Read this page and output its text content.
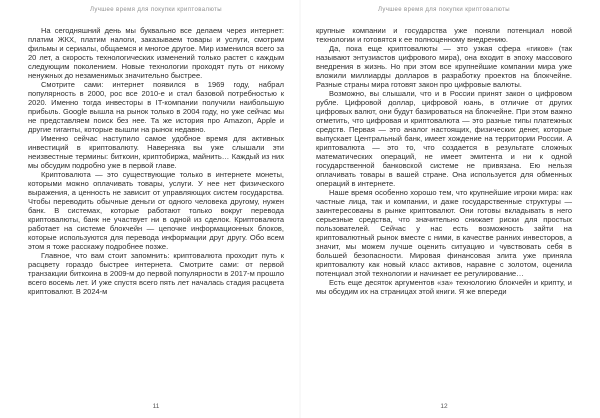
Лучшее время для покупки криптовалюты

На сегодняшний день мы буквально все делаем через интернет: платим ЖКХ, платим налоги, заказываем товары и услуги, смотрим фильмы и сериалы, общаемся и многое другое. Мир изменился всего за 20 лет, а скорость технологических изменений только растет с каждым следующим поколением. Новые технологии проходят путь от никому ненужных до незаменимых значительно быстрее.

Смотрите сами: интернет появился в 1969 году, набрал популярность в 2000, рос все 2010-е и стал базовой потребностью к 2020. Именно тогда инвесторы в IT-компании получили наибольшую прибыль. Google вышла на рынок только в 2004 году, но уже сейчас мы не представляем поиск без нее. Та же история про Amazon, Apple и другие гиганты, которые вышли на рынок недавно.

Именно сейчас наступило самое удобное время для активных инвестиций в криптовалюту. Наверняка вы уже слышали эти неизвестные термины: биткоин, криптобиржа, майнить… Каждый из них мы обсудим подробно уже в первой главе.

Криптовалюта — это существующие только в интернете монеты, которыми можно оплачивать товары, услуги. У нее нет физического выражения, а ценность не зависит от управляющих систем государства. Чтобы переводить обычные деньги от одного человека другому, нужен банк. В системах, которые работают только вокруг перевода криптовалюты, банк не участвует ни в одной из сделок. Криптовалюта работает на системе блокчейн — цепочке информационных блоков, которые используются для перевода информации друг другу. Обо всем этом я тоже расскажу подробнее позже.

Главное, что вам стоит запомнить: криптовалюта проходит путь к расцвету гораздо быстрее интернета. Смотрите сами: от первой транзакции биткоина в 2009-м до первой популярности в 2017-м прошло всего восемь лет. И уже спустя всего пять лет началась стадия расцвета криптовалют. В 2024-м

11
Лучшее время для покупки криптовалюты

крупные компании и государства уже поняли потенциал новой технологии и готовятся к ее полноценному внедрению.

Да, пока еще криптовалюты — это узкая сфера «гиков» (так называют энтузиастов цифрового мира), она входит в эпоху массового внедрения в жизнь. Но при этом все крупнейшие компании мира уже вложили миллиарды долларов в разработку проектов на блокчейне. Разные страны мира готовят закон про цифровые валюты.

Возможно, вы слышали, что и в России принят закон о цифровом рубле. Цифровой доллар, цифровой юань, в отличие от других цифровых валют, они будут базироваться на блокчейне. При этом важно отметить, что цифровая и криптовалюта — это разные типы платежных средств. Первая — это аналог настоящих, физических денег, которые выпускает Центральный банк, имеет хождение на территории России. А криптовалюта — это то, что создается в результате сложных математических операций, не имеет эмитента и ни к одной государственной банковской системе не привязана. Ею нельзя оплачивать товары в вашей стране. Она используется для обменных операций в интернете.

Наше время особенно хорошо тем, что крупнейшие игроки мира: как частные лица, так и компании, и даже государственные структуры — заинтересованы в рынке криптовалют. Они готовы вкладывать в него серьезные средства, что значительно снижает риски для простых пользователей. Сейчас у нас есть возможность зайти на криптовалютный рынок вместе с ними, в качестве ранних инвесторов, а значит, мы можем лучше оценить ситуацию и чувствовать себя в большей безопасности. Мировая финансовая элита уже приняла криптовалюту как новый класс активов, наравне с золотом, оценила потенциал этой технологии и начинает ее регулирование…

Есть еще десяток аргументов «за» технологию блокчейн и крипту, и мы обсудим их на страницах этой книги. Я же впереди

12
